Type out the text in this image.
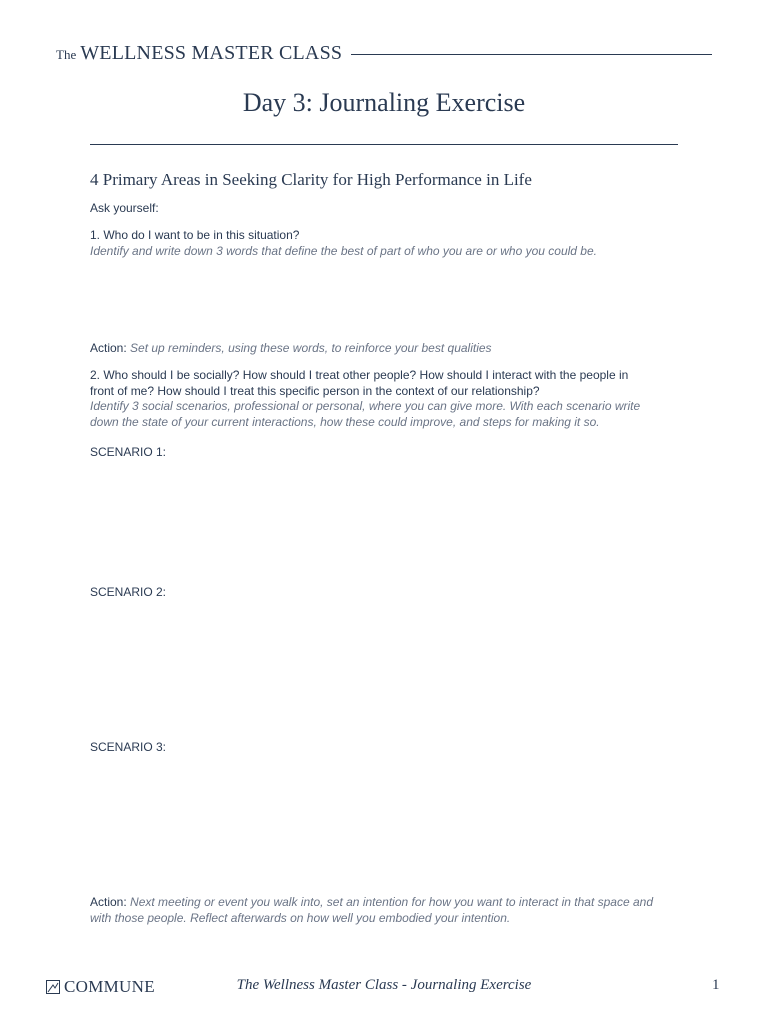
The WELLNESS MASTER CLASS
Day 3: Journaling Exercise
4 Primary Areas in Seeking Clarity for High Performance in Life
Ask yourself:
1. Who do I want to be in this situation?
Identify and write down 3 words that define the best of part of who you are or who you could be.
Action: Set up reminders, using these words, to reinforce your best qualities
2. Who should I be socially? How should I treat other people? How should I interact with the people in
front of me? How should I treat this specific person in the context of our relationship?
Identify 3 social scenarios, professional or personal, where you can give more. With each scenario write
down the state of your current interactions, how these could improve, and steps for making it so.
SCENARIO 1:
SCENARIO 2:
SCENARIO 3:
Action: Next meeting or event you walk into, set an intention for how you want to interact in that space and
with those people. Reflect afterwards on how well you embodied your intention.
COMMUNE	The Wellness Master Class - Journaling Exercise	1
